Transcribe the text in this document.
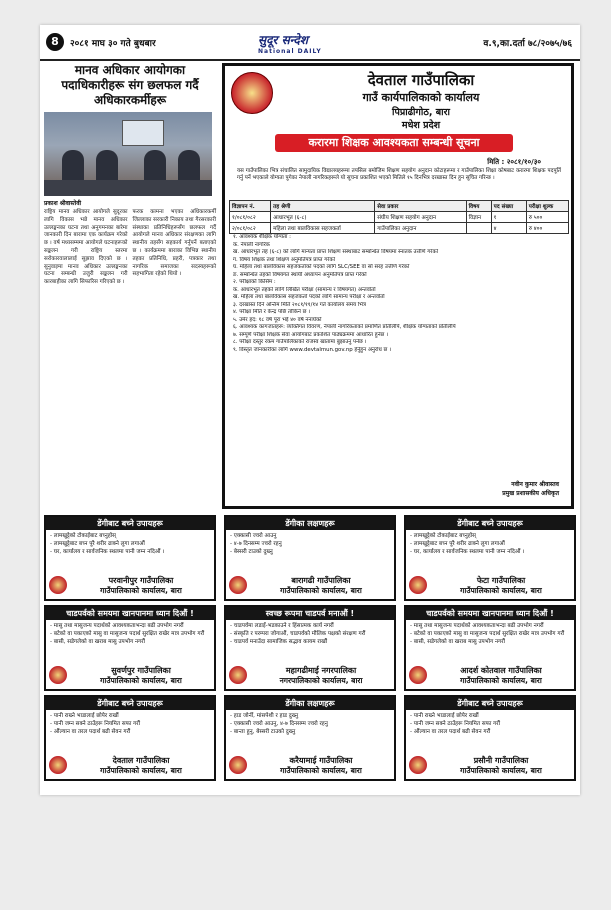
8	२०८१ माघ ३० गते बुधबार	सुदूर सन्देश
National DAILY
व.९,का.दर्ता ७८/२०७५/७६
मानव अधिकार आयोगका पदाधिकारीहरू संग छलफल गर्दै अधिकारकर्मीहरू
प्रकाश श्रीवास्तेवी
राष्ट्रिय मानव अधिकार आयोगले सुदूरका लागि विकास भन्ने मानव अधिकार उल्लङ्घनका घटना तथा अनुगमनका बारेमा जानकारी दिन बारामा एक कार्यक्रम गरेको छ । वर्ष मध्यसम्ममा आयोगले घटनाहरूको सङ्कलन गरी राष्ट्रिय स्तरमा सरोकारवालालाई सुझाव दिएको छ । सुनुवाइमा मानव अधिकार उल्लङ्घनका घटना सम्बन्धी उजुरी सङ्कलन गरी कारबाहीका लागि सिफारिस गरिएको छ ।
फरक कामना भएका अधिकारकर्मी जिल्लाका सरकारी निकाय तथा गैरसरकारी संस्थाका प्रतिनिधिहरूसँग छलफल गर्दै आयोगले मानव अधिकार संरक्षणका लागि स्थानीय तहसँग सहकार्य गर्नुपर्ने बताएको छ । कार्यक्रममा बाराका विभिन्न स्थानीय तहका प्रतिनिधि, प्रहरी, पत्रकार तथा नागरिक समाजका सदस्यहरूको सहभागिता रहेको थियो ।
देवताल गाउँपालिका
गाउँ कार्यपालिकाको कार्यालय
पिप्राढीगोठ, बारा
मधेश प्रदेश
करारमा शिक्षक आवश्यकता सम्बन्धी सूचना
मिति : २०८१/१०/३०
यस गाउँपालिका भित्र संचालित सामुदायिक विद्यालयहरूमा तपसिल बमोजिम शिक्षण सहयोग अनुदान कोटाहरूमा र गाउँपालिका शिक्षा कोषबाट करारमा शिक्षक पदपूर्ति गर्नु पर्ने भएकाले योग्यता पुगेका नेपाली नागरिकहरूले यो सूचना प्रकाशित भएको मितिले १५ दिनभित्र दरखास्त दिन हुन सूचित गरिन्छ ।
विज्ञापन नं.	तह श्रेणी	सेवा प्रकार	विषय	पद संख्या	परीक्षा शुल्क
१/०८१/०८२	आधारभूत (६-८)	संघीय शिक्षण सहयोग अनुदान	विज्ञान	१	रु ५००
२/०८१/०८२	महिला तथा बालविकास सहजकर्ता	गाउँपालिका अनुदान		४	रु ४००
१. आवश्यक शैक्षिक योग्यता :
क. नेपाली नागरिक
ख. आधारभूत तह (६-८) को लागि मान्यता प्राप्त शिक्षण संस्थाबाट सम्बन्धित विषयमा स्नातक उत्तीर्ण गरेको
ग. विषय शिक्षक तथा शिक्षण अनुमतिपत्र प्राप्त गरेको
घ. महिला तथा बालविकास सहजकर्ताको पदको लागि SLC/SEE वा सो सरह उत्तीर्ण गरेको
ङ. सम्बन्धित तहको विषयगत स्थायी अध्यापन अनुमतिपत्र प्राप्त गरेको
२. परीक्षाको किसिम :
क. आधारभूत तहको लागि लिखित परीक्षा (सामान्य र विषयगत) अन्तर्वार्ता
ख. महिला तथा बालविकास सहजकर्ता पदको लागि सामान्य परीक्षा र अन्तर्वार्ता
३. दरखास्त दिने अन्तिम मिति २०८१/११/१४ गते कार्यालय समय भित्र
४. परीक्षा मिति र केन्द्र पछि तोकिने छ ।
५. उमेर हद: १८ वर्ष पूरा भई ४० वर्ष ननाघेको
६. आवश्यक कागजातहरू: व्यक्तिगत विवरण, नेपाली नागरिकताको प्रमाणित प्रतिलिपि, शैक्षिक योग्यताको प्रतिलिपि
७. सम्पूर्ण परीक्षा शिक्षक सेवा आयोगबाट प्रकाशित पाठ्यक्रममा आधारित हुनेछ ।
८. परीक्षा दस्तुर रकम गाउँपालिकाको राजस्व खातामा बुझाउनु पर्नेछ ।
९. विस्तृत जानकारीका लागि www.devtalmun.gov.np हेर्नुहुन अनुरोध छ ।
नवीन कुमार श्रीवास्तव
प्रमुख प्रशासकीय अधिकृत
डेंगीबाट बच्ने उपायहरू
- लामखुट्टेको टोकाईबाट बच्नुहोस्
- लामखुट्टेबाट बच्न पूरै शरीर ढाक्ने लुगा लगाऔं
- घर, कार्यालय र सार्वजनिक स्थलमा पानी जम्न नदिऔं ।
परवानीपुर गाउँपालिका
गाउँपालिकाको कार्यालय, बारा
डेंगीका लक्षणहरू
- एक्कासी ज्वरो आउनु
- ४-७ दिनसम्म ज्वरो रहनु
- बेस्सरी टाउको दुख्नु
बारागढी गाउँपालिका
गाउँपालिकाको कार्यालय, बारा
डेंगीबाट बच्ने उपायहरू
- लामखुट्टेको टोकाईबाट बच्नुहोस्
- लामखुट्टेबाट बच्न पूरै शरीर ढाक्ने लुगा लगाऔं
- घर, कार्यालय र सार्वजनिक स्थलमा पानी जम्न नदिऔं ।
फेटा गाउँपालिका
गाउँपालिकाको कार्यालय, बारा
चाडपर्वको समयमा खानपानमा ध्यान दिऔं !
- मासु तथा मासुजन्य पदार्थको आवश्यकताभन्दा बढी उपभोग नगरौं
- बटेको वा पकाएको मासु वा मासुजन्य पदार्थ सुरक्षित राखेर मात्र उपभोग गरौं
- बासी, सडेगलेको वा खराब मासु उपभोग नगरौं
सुवर्णपुर गाउँपालिका
गाउँपालिकाको कार्यालय, बारा
स्वच्छ रूपमा चाडपर्व मनाऔं !
- चाडपर्वमा लडाइँ-भडकाउने र हिंसात्मक कार्य नगरौं
- संस्कृति र परम्परा जोगाऔं, चाडपर्वको मौलिक पक्षको संरक्षण गरौं
- चाडपर्व मनाउँदा सामाजिक सद्भाव कायम राखौं
महागढीमाई नगरपालिका
नगरपालिकाको कार्यालय, बारा
चाडपर्वको समयमा खानपानमा ध्यान दिऔं !
- मासु तथा मासुजन्य पदार्थको आवश्यकताभन्दा बढी उपभोग नगरौं
- बटेको वा पकाएको मासु वा मासुजन्य पदार्थ सुरक्षित राखेर मात्र उपभोग गरौं
- बासी, सडेगलेको वा खराब मासु उपभोग नगरौं
आदर्श कोतवाल गाउँपालिका
गाउँपालिकाको कार्यालय, बारा
डेंगीबाट बच्ने उपायहरू
- पानी राख्ने भाडालाई छोपेर राखौं
- पानी जम्न सक्ने ठाउँहरू नियमित सफा गरौं
- औंल्यान वा तरल पदार्थ बढी सेवन गरौं
देवताल गाउँपालिका
गाउँपालिकाको कार्यालय, बारा
डेंगीका लक्षणहरू
- हाड जोर्नी, मांसपेशी र हाड दुख्नु
- एक्कासी ज्वरो आउनु, ४-७ दिनसम्म ज्वरो रहनु
- बान्ता हुनु, बेस्सरी टाउको दुख्नु
करैयामाई गाउँपालिका
गाउँपालिकाको कार्यालय, बारा
डेंगीबाट बच्ने उपायहरू
- पानी राख्ने भाडालाई छोपेर राखौं
- पानी जम्न सक्ने ठाउँहरू नियमित सफा गरौं
- औंल्यान वा तरल पदार्थ बढी सेवन गरौं
प्रसौनी गाउँपालिका
गाउँपालिकाको कार्यालय, बारा
